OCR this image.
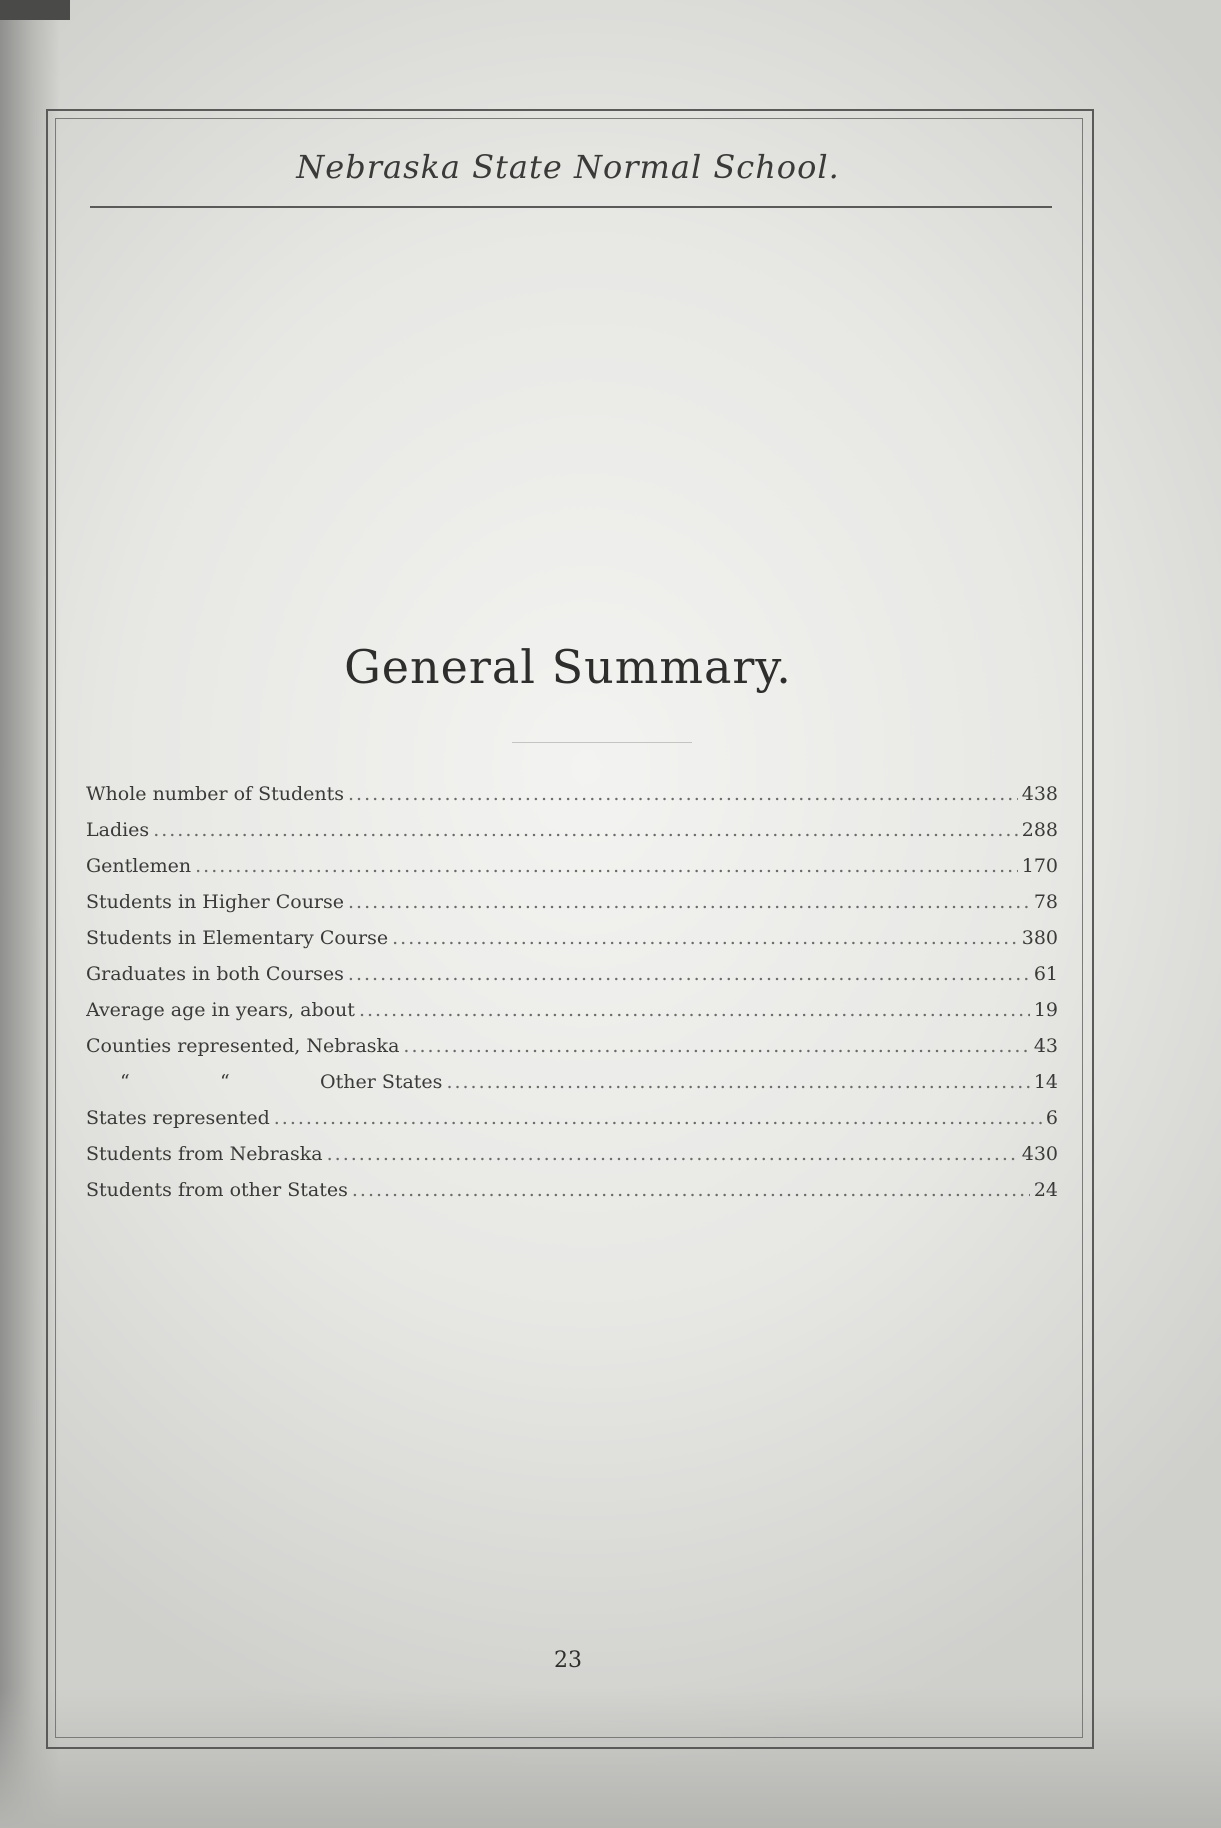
Nebraska State Normal School.
General Summary.
Whole number of Students .....	438
Ladies .....	288
Gentlemen .....	170
Students in Higher Course .....	78
Students in Elementary Course .....	380
Graduates in both Courses .....	61
Average age in years, about .....	19
Counties represented, Nebraska .....	43
“	“	Other States .....	14
States represented .....	6
Students from Nebraska .....	430
Students from other States .....	24
23
